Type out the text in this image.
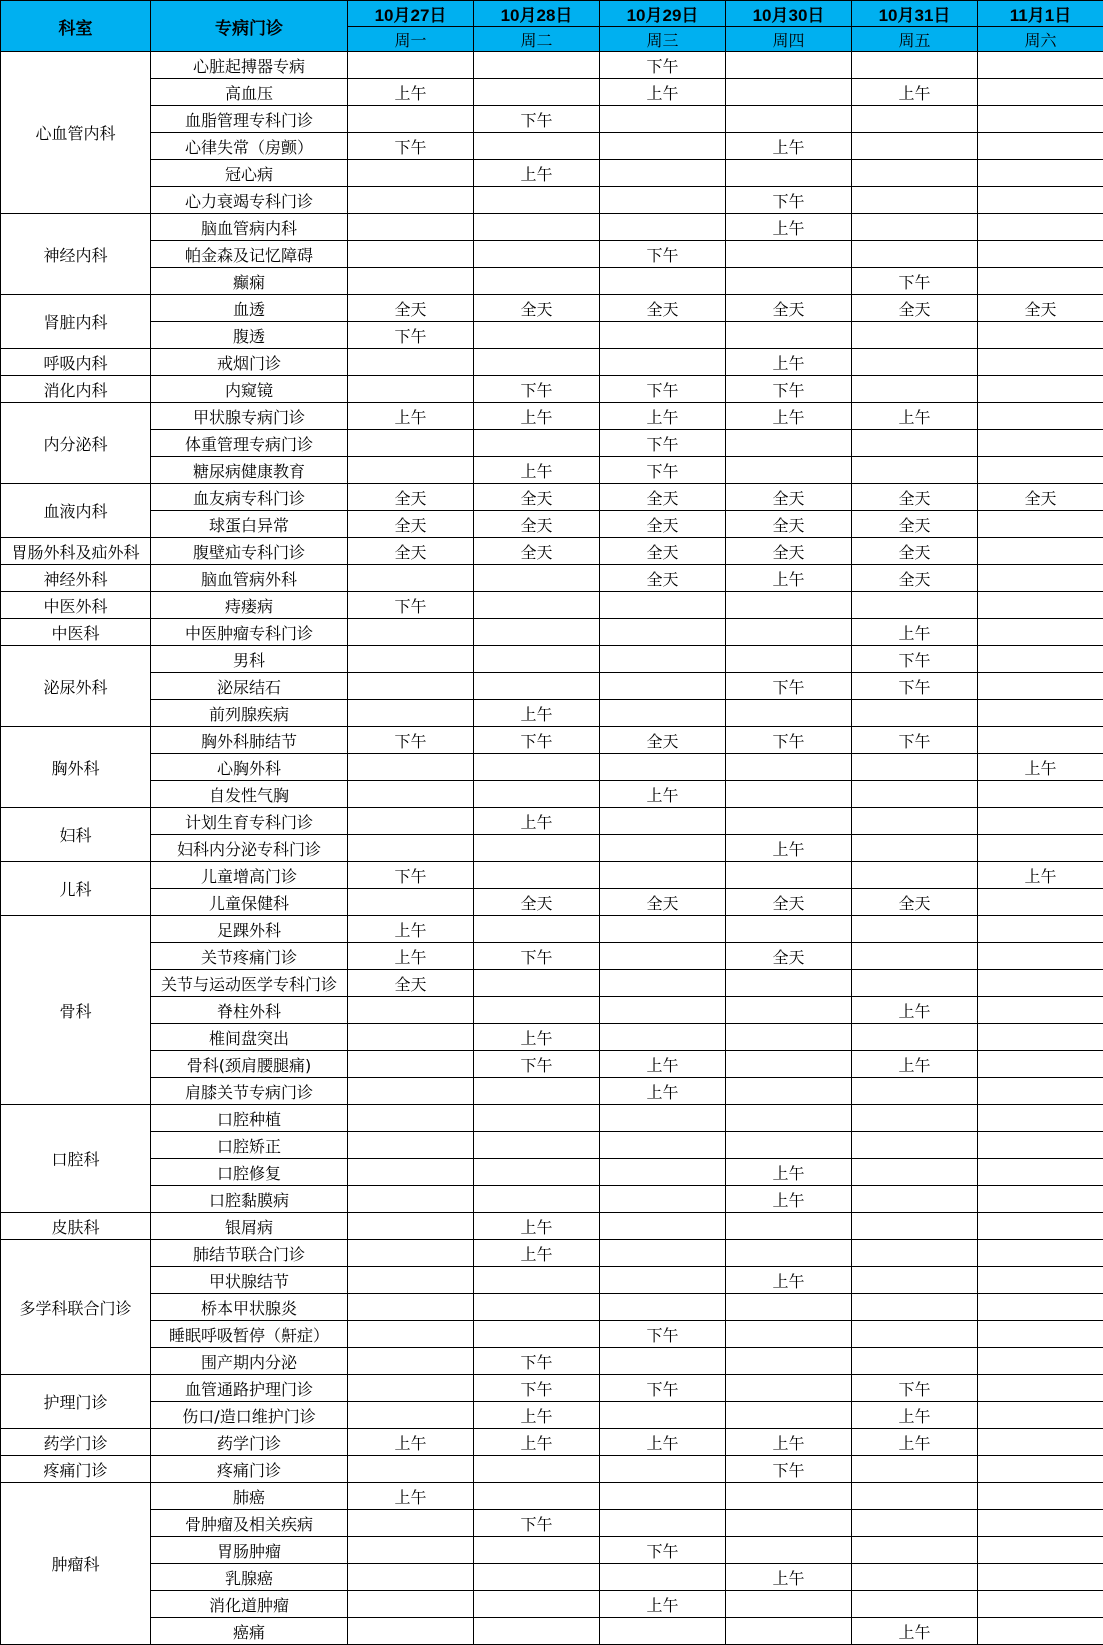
科室	专病门诊	10月27日	10月28日	10月29日	10月30日	10月31日	11月1日
		周一	周二	周三	周四	周五	周六
心血管内科	心脏起搏器专病			下午			
	高血压	上午		上午		上午	
	血脂管理专科门诊		下午				
	心律失常（房颤）	下午			上午		
	冠心病		上午				
	心力衰竭专科门诊				下午		
神经内科	脑血管病内科				上午		
	帕金森及记忆障碍			下午			
	癫痫					下午	
肾脏内科	血透	全天	全天	全天	全天	全天	全天
	腹透	下午					
呼吸内科	戒烟门诊				上午		
消化内科	内窥镜		下午	下午	下午		
内分泌科	甲状腺专病门诊	上午	上午	上午	上午	上午	
	体重管理专病门诊			下午			
	糖尿病健康教育		上午	下午			
血液内科	血友病专科门诊	全天	全天	全天	全天	全天	全天
	球蛋白异常	全天	全天	全天	全天	全天	
胃肠外科及疝外科	腹壁疝专科门诊	全天	全天	全天	全天	全天	
神经外科	脑血管病外科			全天	上午	全天	
中医外科	痔瘘病	下午					
中医科	中医肿瘤专科门诊					上午	
泌尿外科	男科					下午	
	泌尿结石				下午	下午	
	前列腺疾病		上午				
胸外科	胸外科肺结节	下午	下午	全天	下午	下午	
	心胸外科						上午
	自发性气胸			上午			
妇科	计划生育专科门诊		上午				
	妇科内分泌专科门诊				上午		
儿科	儿童增高门诊	下午					上午
	儿童保健科		全天	全天	全天	全天	
骨科	足踝外科	上午					
	关节疼痛门诊	上午	下午		全天		
	关节与运动医学专科门诊	全天					
	脊柱外科					上午	
	椎间盘突出		上午				
	骨科(颈肩腰腿痛)		下午	上午		上午	
	肩膝关节专病门诊			上午			
口腔科	口腔种植						
	口腔矫正						
	口腔修复				上午		
	口腔黏膜病				上午		
皮肤科	银屑病		上午				
多学科联合门诊	肺结节联合门诊		上午				
	甲状腺结节				上午		
	桥本甲状腺炎						
	睡眠呼吸暂停（鼾症）			下午			
	围产期内分泌		下午				
护理门诊	血管通路护理门诊		下午	下午		下午	
	伤口/造口维护门诊		上午			上午	
药学门诊	药学门诊	上午	上午	上午	上午	上午	
疼痛门诊	疼痛门诊				下午		
肿瘤科	肺癌	上午					
	骨肿瘤及相关疾病		下午				
	胃肠肿瘤			下午			
	乳腺癌				上午		
	消化道肿瘤			上午			
	癌痛					上午	
